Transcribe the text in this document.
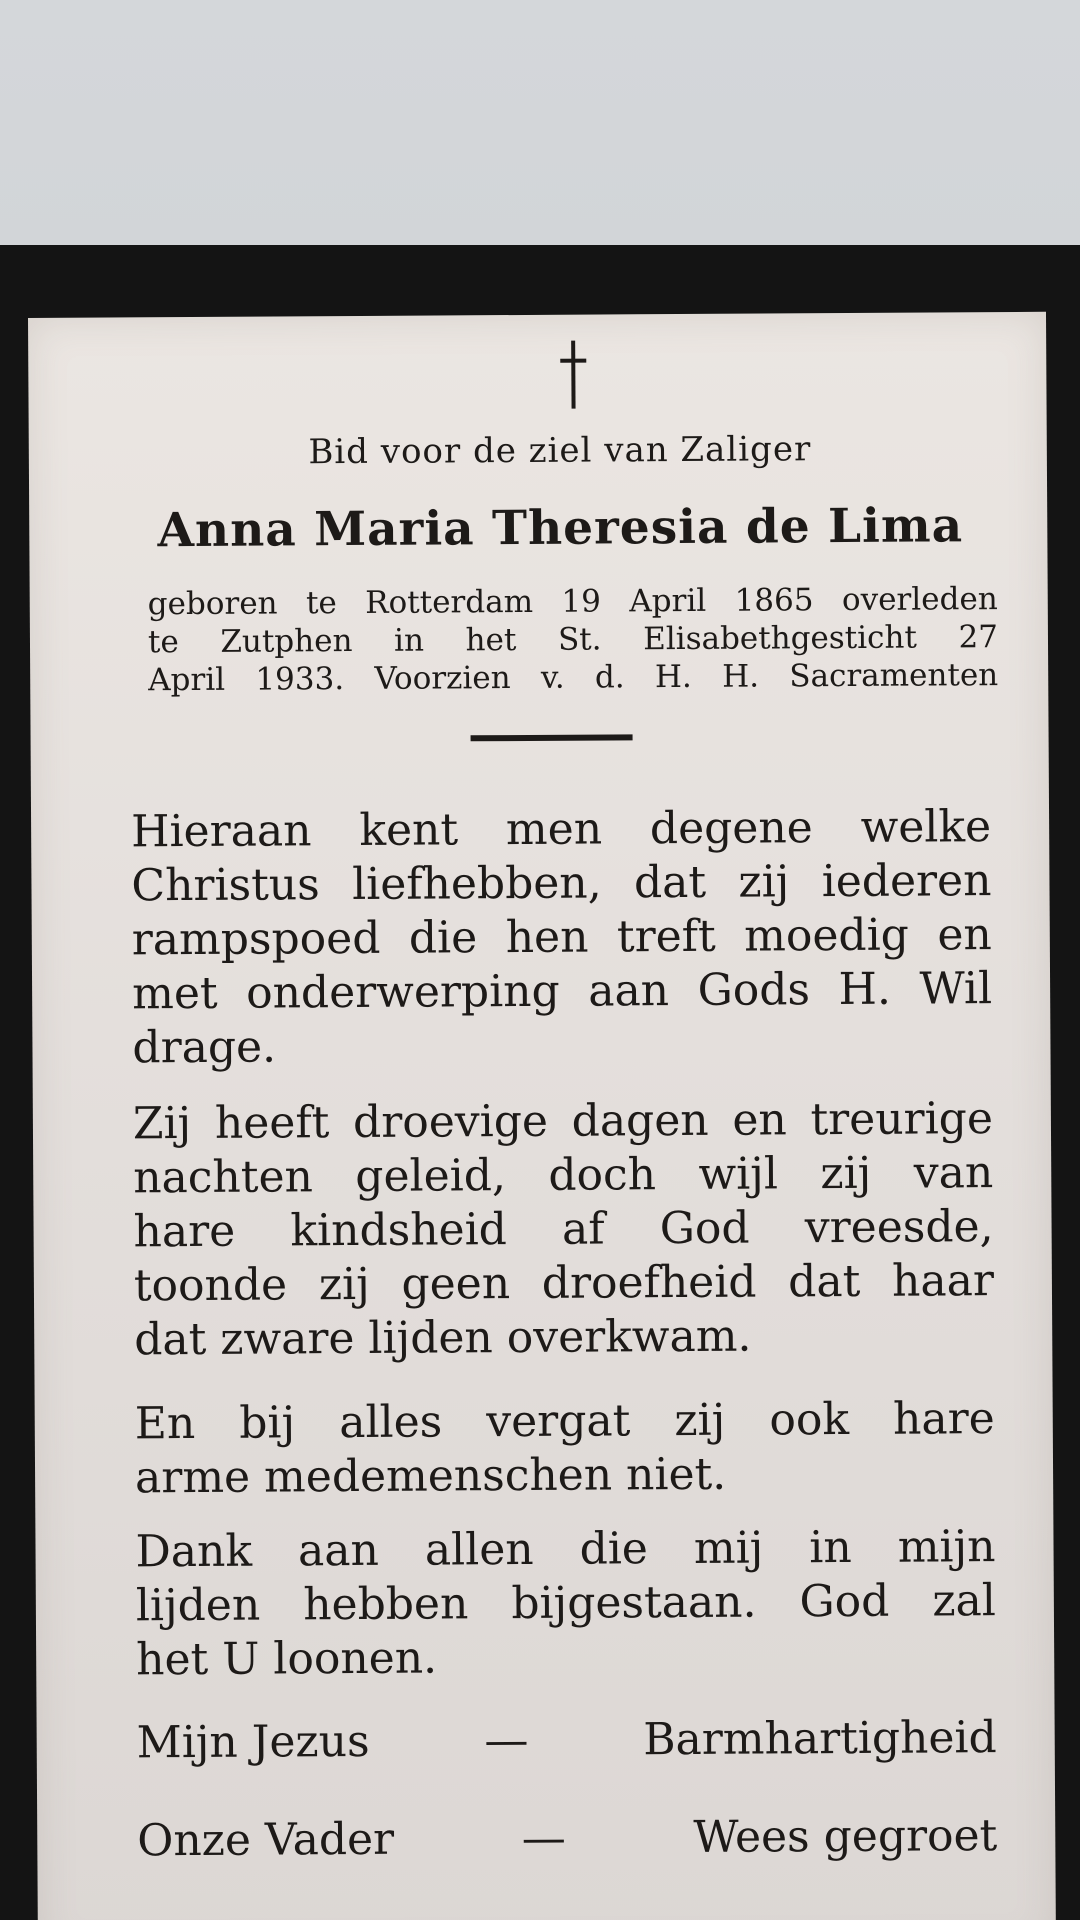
Bid voor de ziel van Zaliger
Anna Maria Theresia de Lima
geboren te Rotterdam 19 April 1865 overleden
te Zutphen in het St. Elisabethgesticht 27
April 1933. Voorzien v. d. H. H. Sacramenten
Hieraan kent men degene welke
Christus liefhebben, dat zij iederen
rampspoed die hen treft moedig en
met onderwerping aan Gods H. Wil
drage.
Zij heeft droevige dagen en treurige
nachten geleid, doch wijl zij van
hare kindsheid af God vreesde,
toonde zij geen droefheid dat haar
dat zware lijden overkwam.
En bij alles vergat zij ook hare
arme medemenschen niet.
Dank aan allen die mij in mijn
lijden hebben bijgestaan. God zal
het U loonen.
Mijn Jezus	—	Barmhartigheid
Onze Vader	—	Wees gegroet
